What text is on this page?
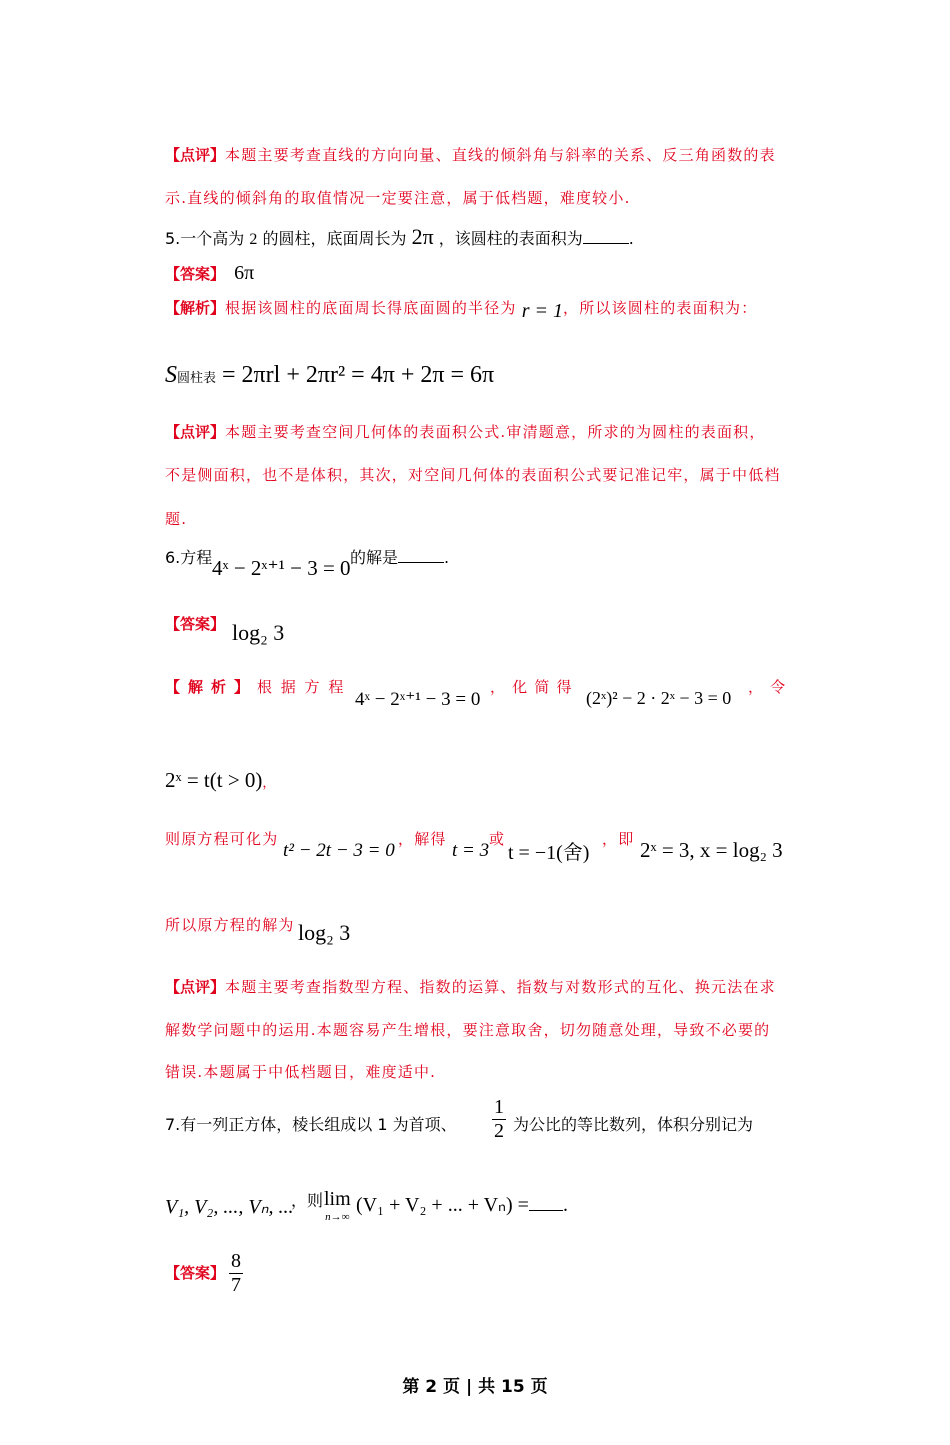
【点评】本题主要考查直线的方向向量、直线的倾斜角与斜率的关系、反三角函数的表
示.直线的倾斜角的取值情况一定要注意，属于低档题，难度较小.
5.一个高为 2 的圆柱，底面周长为 2π ，该圆柱的表面积为	.
【答案】 6π
【解析】根据该圆柱的底面周长得底面圆的半径为 r = 1，所以该圆柱的表面积为：
S圆柱表 = 2πrl + 2πr² = 4π + 2π = 6π
【点评】本题主要考查空间几何体的表面积公式.审清题意，所求的为圆柱的表面积，
不是侧面积，也不是体积，其次，对空间几何体的表面积公式要记准记牢，属于中低档
题.
6.方程 4ˣ − 2ˣ⁺¹ − 3 = 0 的解是	.
【答案】 log₂ 3
【解析】根 据 方 程
4ˣ − 2ˣ⁺¹ − 3 = 0
， 化 简 得
(2ˣ)² − 2 · 2ˣ − 3 = 0
， 令
2ˣ = t(t > 0)，
则原方程可化为
t² − 2t − 3 = 0
，解得
t = 3
或
t = −1(舍)
，即 2ˣ = 3, x = log₂ 3
所以原方程的解为 log₂ 3
【点评】本题主要考查指数型方程、指数的运算、指数与对数形式的互化、换元法在求
解数学问题中的运用.本题容易产生增根，要注意取舍，切勿随意处理，导致不必要的
错误.本题属于中低档题目，难度适中.
7.有一列正方体，棱长组成以 1 为首项、 $\frac{1}{2}$ 为公比的等比数列，体积分别记为
V₁, V₂, ..., Vₙ, ...
，则 lim
n→∞
(V₁ + V₂ + ... + Vₙ) = .
【答案】 $\frac{8}{7}$
第 2 页 | 共 15 页
